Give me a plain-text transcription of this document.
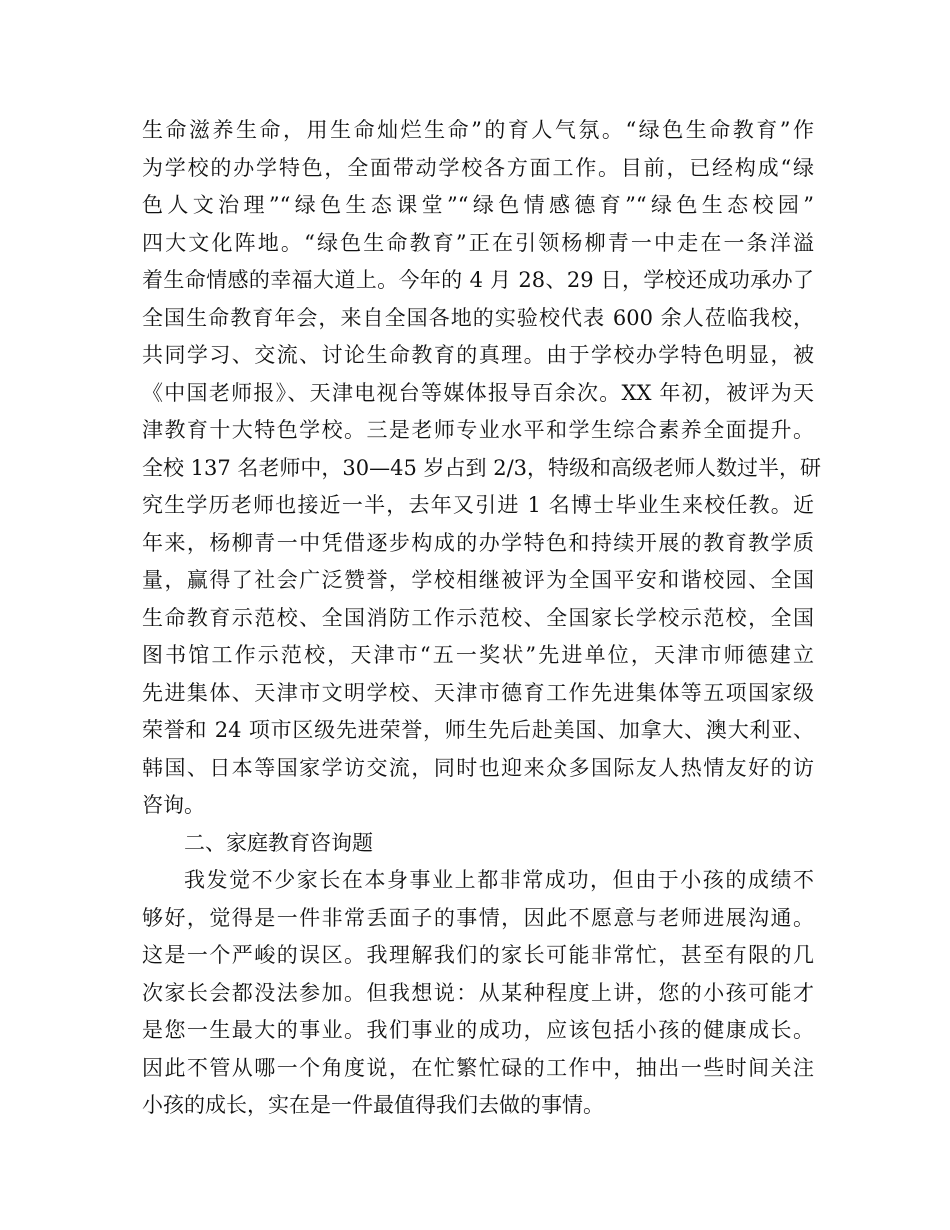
生命滋养生命，用生命灿烂生命”的育人气氛。“绿色生命教育”作
为学校的办学特色，全面带动学校各方面工作。目前，已经构成“绿
色人文治理”“绿色生态课堂”“绿色情感德育”“绿色生态校园”
四大文化阵地。“绿色生命教育”正在引领杨柳青一中走在一条洋溢
着生命情感的幸福大道上。今年的 4 月 28、29 日，学校还成功承办了
全国生命教育年会，来自全国各地的实验校代表 600 余人莅临我校，
共同学习、交流、讨论生命教育的真理。由于学校办学特色明显，被
《中国老师报》、天津电视台等媒体报导百余次。XX 年初，被评为天
津教育十大特色学校。三是老师专业水平和学生综合素养全面提升。
全校 137 名老师中，30—45 岁占到 2/3，特级和高级老师人数过半，研
究生学历老师也接近一半，去年又引进 1 名博士毕业生来校任教。近
年来，杨柳青一中凭借逐步构成的办学特色和持续开展的教育教学质
量，赢得了社会广泛赞誉，学校相继被评为全国平安和谐校园、全国
生命教育示范校、全国消防工作示范校、全国家长学校示范校，全国
图书馆工作示范校，天津市“五一奖状”先进单位，天津市师德建立
先进集体、天津市文明学校、天津市德育工作先进集体等五项国家级
荣誉和 24 项市区级先进荣誉，师生先后赴美国、加拿大、澳大利亚、
韩国、日本等国家学访交流，同时也迎来众多国际友人热情友好的访
咨询。
二、家庭教育咨询题
我发觉不少家长在本身事业上都非常成功，但由于小孩的成绩不
够好，觉得是一件非常丢面子的事情，因此不愿意与老师进展沟通。
这是一个严峻的误区。我理解我们的家长可能非常忙，甚至有限的几
次家长会都没法参加。但我想说：从某种程度上讲，您的小孩可能才
是您一生最大的事业。我们事业的成功，应该包括小孩的健康成长。
因此不管从哪一个角度说，在忙繁忙碌的工作中，抽出一些时间关注
小孩的成长，实在是一件最值得我们去做的事情。
